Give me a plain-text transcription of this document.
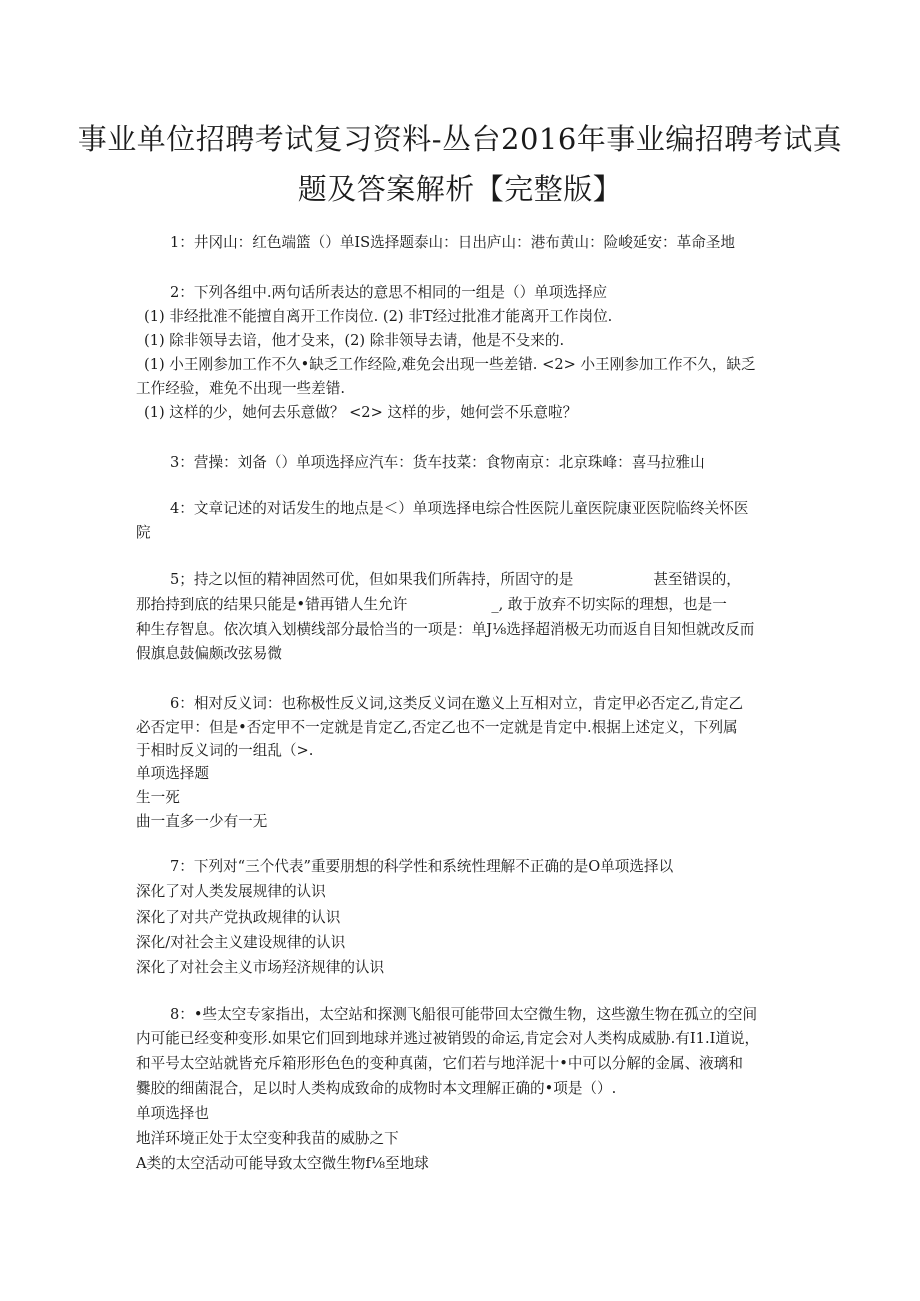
事业单位招聘考试复习资料-丛台2016年事业编招聘考试真
题及答案解析【完整版】

1：井冈山：红色端篮（）单IS选择题泰山：日出庐山：港布黄山：险峻延安：革命圣地

2：下列各组中.两句话所表达的意思不相同的一组是（）单项选择应

(1) 非经批准不能擅自离开工作岗位. (2) 非T经过批准才能离开工作岗位.

(1) 除非领导去谙，他才殳来，(2) 除非领导去请，他是不殳来的.

(1) 小王刚参加工作不久•缺乏工作经险,难免会出现一些差错. <2> 小王刚参加工作不久，缺乏

工作经验，难免不出现一些差错.

(1) 这样的少，她何去乐意做？ <2> 这样的步，她何尝不乐意啦？

3：营操：刘备（）单项选择应汽车：货车技菜：食物南京：北京珠峰：喜马拉雅山

4：文章记述的对话发生的地点是＜）单项选择电综合性医院儿童医院康亚医院临终关怀医

院

5；持之以恒的精神固然可优，但如果我们所犇持，所固守的是	甚至错误的，

那抬持到底的结果只能是•错再错人生允许	_, 敢于放弃不切实际的理想，也是一

种生存智息。依次填入划横线部分最恰当的一项是：单J⅛选择超消极无功而返自目知怛就改反而

假旗息鼓偏颇改弦易微

6：相对反义词：也称极性反义词,这类反义词在邀义上互相对立，肯定甲必否定乙,肯定乙

必否定甲：但是•否定甲不一定就是肯定乙,否定乙也不一定就是肯定中.根据上述定义，下列属

于相时反义词的一组乱（>.

单项选择题

生一死

曲一直多一少有一无

7：下列对“三个代表”重要朋想的科学性和系统性理解不正确的是O单项选择以

深化了对人类发展规律的认识

深化了对共产党执政规律的认识

深化/对社会主义建设规律的认识

深化了对社会主义市场羟济规律的认识

8：•些太空专家指出，太空站和探测飞船很可能带回太空微生物，这些激生物在孤立的空间

内可能已经变种变形.如果它们回到地球并逃过被销毁的命运,肯定会对人类构成威胁.有I1.I道说，

和平号太空站就皆充斥箱形形色色的变种真菌，它们若与地洋泥十•中可以分解的金属、液璃和

爨胶的细菌混合，足以时人类构成致命的成物时本文理解正确的•项是（）.

单项选择也

地洋环境正处于太空变种我苗的威胁之下

A类的太空活动可能导致太空微生物f⅛至地球
